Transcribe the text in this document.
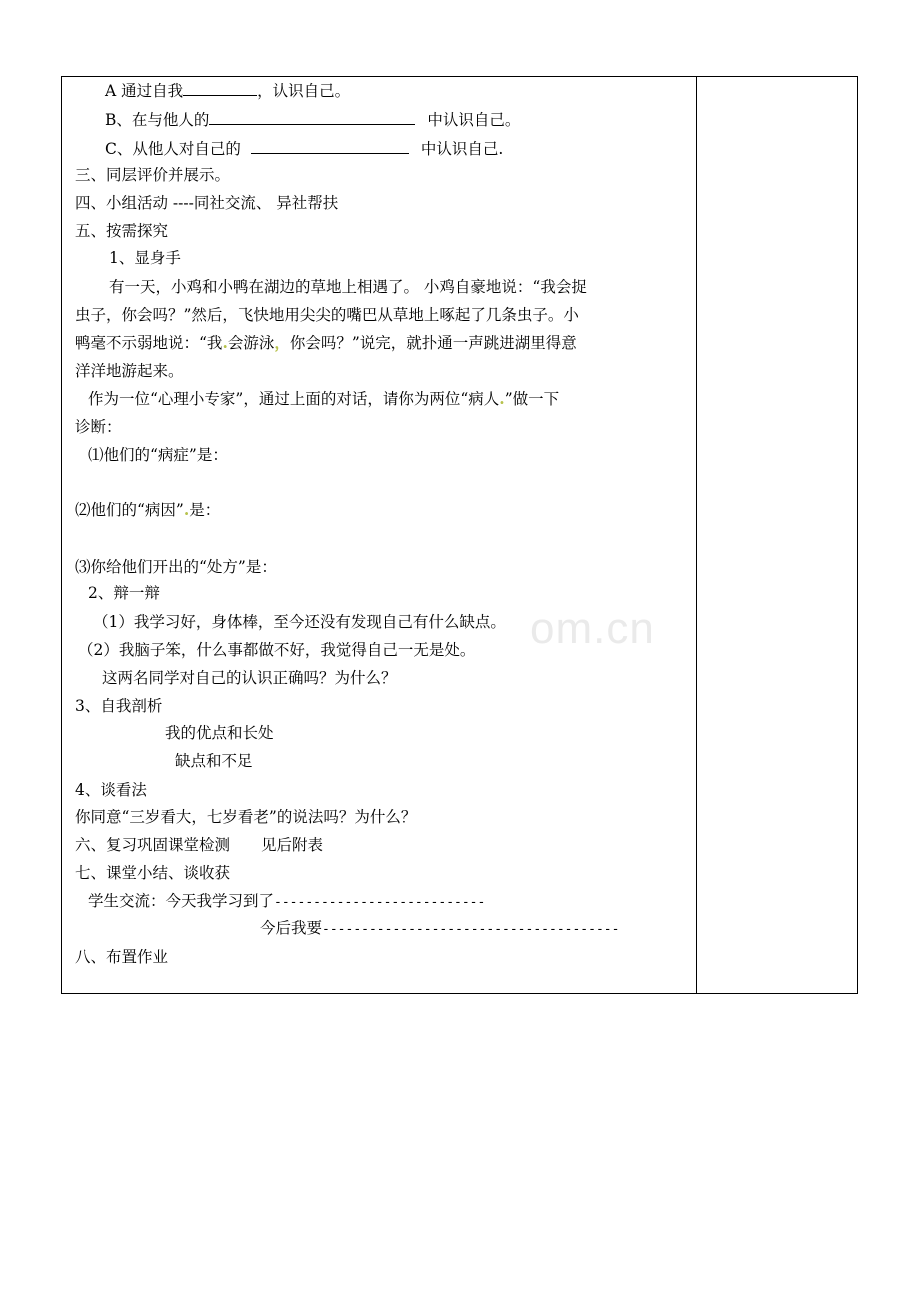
om.cn
A 通过自我	，认识自己。
B、在与他人的	中认识自己。
C、从他人对自己的	中认识自己.
三、同层评价并展示。
四、小组活动 ----同社交流、 异社帮扶
五、按需探究
1、显身手
有一天，小鸡和小鸭在湖边的草地上相遇了。 小鸡自豪地说：“我会捉
虫子，你会吗？”然后，飞快地用尖尖的嘴巴从草地上啄起了几条虫子。小
鸭毫不示弱地说：“我.会游泳，你会吗？”说完，就扑通一声跳进湖里得意
洋洋地游起来。
作为一位“心理小专家”，通过上面的对话，请你为两位“病人.”做一下
诊断：
⑴他们的“病症”是：
⑵他们的“病因”.是：
⑶你给他们开出的“处方”是：
2、辩一辩
（1）我学习好，身体棒，至今还没有发现自己有什么缺点。
（2）我脑子笨，什么事都做不好，我觉得自己一无是处。
这两名同学对自己的认识正确吗？为什么？
3、自我剖析
我的优点和长处
缺点和不足
4、谈看法
你同意“三岁看大，七岁看老”的说法吗？为什么？
六、复习巩固课堂检测　　见后附表
七、课堂小结、谈收获
学生交流：今天我学习到了---------------------------
今后我要--------------------------------------
八、布置作业
